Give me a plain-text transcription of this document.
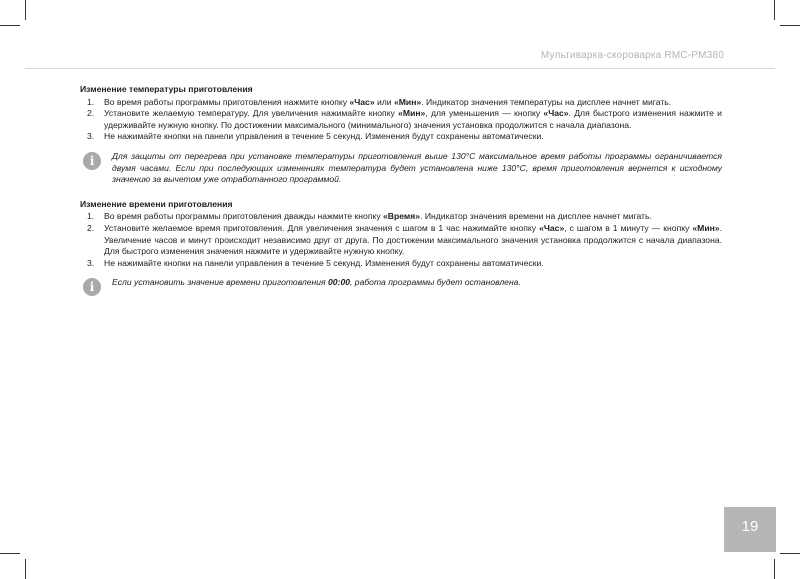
Мультиварка-скороварка RMC-PM380
Изменение температуры приготовления
1. Во время работы программы приготовления нажмите кнопку «Час» или «Мин». Индикатор значения температуры на дисплее начнет мигать.
2. Установите желаемую температуру. Для увеличения нажимайте кнопку «Мин», для уменьшения — кнопку «Час». Для быстрого изменения нажмите и удерживайте нужную кнопку. По достижении максимального (минимального) значения установка продолжится с начала диапазона.
3. Не нажимайте кнопки на панели управления в течение 5 секунд. Изменения будут сохранены автоматически.
i	Для защиты от перегрева при установке температуры приготовления выше 130°С максимальное время работы программы ограничивается двумя часами. Если при последующих изменениях температура будет установлена ниже 130°С, время приготовления вернется к исходному значению за вычетом уже отработанного программой.
Изменение времени приготовления
1. Во время работы программы приготовления дважды нажмите кнопку «Время». Индикатор значения времени на дисплее начнет мигать.
2. Установите желаемое время приготовления. Для увеличения значения с шагом в 1 час нажимайте кнопку «Час», с шагом в 1 минуту — кнопку «Мин». Увеличение часов и минут происходит независимо друг от друга. По достижении максимального значения установка продолжится с начала диапазона. Для быстрого изменения значения нажмите и удерживайте нужную кнопку.
3. Не нажимайте кнопки на панели управления в течение 5 секунд. Изменения будут сохранены автоматически.
i	Если установить значение времени приготовления 00:00, работа программы будет остановлена.
19
